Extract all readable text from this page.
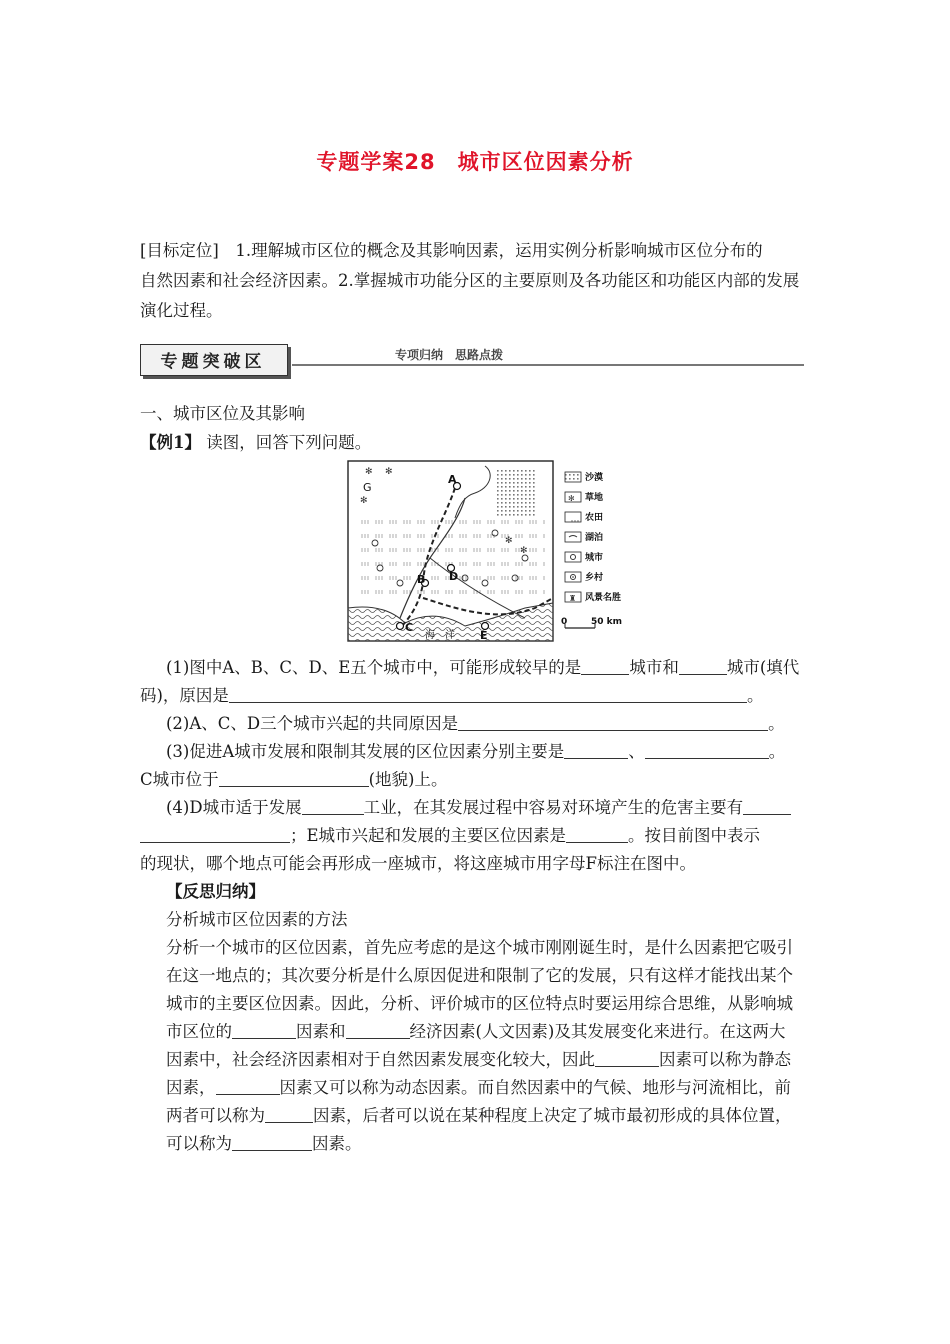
专题学案28　城市区位因素分析
[目标定位]　1.理解城市区位的概念及其影响因素，运用实例分析影响城市区位分布的
自然因素和社会经济因素。2.掌握城市功能分区的主要原则及各功能区和功能区内部的发展
演化过程。
专题突破区	专项归纳　思路点拨
一、城市区位及其影响
【例1】 读图，回答下列问题。
✻ ✻
✻
✻
✻
A
B D
C
E
G
海　洋
✻
♜
0	50 km
沙漠
草地
农田
湖泊
城市
乡村
风景名胜
(1)图中A、B、C、D、E五个城市中，可能形成较早的是	城市和	城市(填代
码)，原因是	。
(2)A、C、D三个城市兴起的共同原因是	。
(3)促进A城市发展和限制其发展的区位因素分别主要是	、	。
C城市位于	(地貌)上。
(4)D城市适于发展	工业，在其发展过程中容易对环境产生的危害主要有
；E城市兴起和发展的主要区位因素是	。按目前图中表示
的现状，哪个地点可能会再形成一座城市，将这座城市用字母F标注在图中。
【反思归纳】
分析城市区位因素的方法
分析一个城市的区位因素，首先应考虑的是这个城市刚刚诞生时，是什么因素把它吸引
在这一地点的；其次要分析是什么原因促进和限制了它的发展，只有这样才能找出某个
城市的主要区位因素。因此，分析、评价城市的区位特点时要运用综合思维，从影响城
市区位的	因素和	经济因素(人文因素)及其发展变化来进行。在这两大
因素中，社会经济因素相对于自然因素发展变化较大，因此	因素可以称为静态
因素，	因素又可以称为动态因素。而自然因素中的气候、地形与河流相比，前
两者可以称为	因素，后者可以说在某种程度上决定了城市最初形成的具体位置，
可以称为	因素。
